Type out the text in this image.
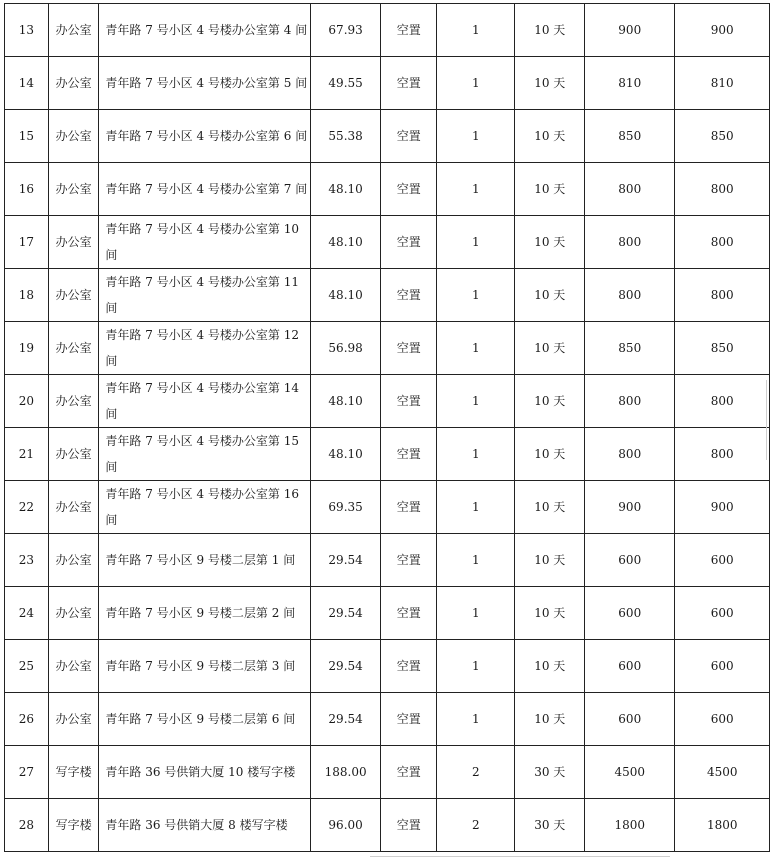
13	办公室	青年路 7 号小区 4 号楼办公室第 4 间	67.93	空置	1	10 天	900	900
14	办公室	青年路 7 号小区 4 号楼办公室第 5 间	49.55	空置	1	10 天	810	810
15	办公室	青年路 7 号小区 4 号楼办公室第 6 间	55.38	空置	1	10 天	850	850
16	办公室	青年路 7 号小区 4 号楼办公室第 7 间	48.10	空置	1	10 天	800	800
17	办公室	青年路 7 号小区 4 号楼办公室第 10 间	48.10	空置	1	10 天	800	800
18	办公室	青年路 7 号小区 4 号楼办公室第 11 间	48.10	空置	1	10 天	800	800
19	办公室	青年路 7 号小区 4 号楼办公室第 12 间	56.98	空置	1	10 天	850	850
20	办公室	青年路 7 号小区 4 号楼办公室第 14 间	48.10	空置	1	10 天	800	800
21	办公室	青年路 7 号小区 4 号楼办公室第 15 间	48.10	空置	1	10 天	800	800
22	办公室	青年路 7 号小区 4 号楼办公室第 16 间	69.35	空置	1	10 天	900	900
23	办公室	青年路 7 号小区 9 号楼二层第 1 间	29.54	空置	1	10 天	600	600
24	办公室	青年路 7 号小区 9 号楼二层第 2 间	29.54	空置	1	10 天	600	600
25	办公室	青年路 7 号小区 9 号楼二层第 3 间	29.54	空置	1	10 天	600	600
26	办公室	青年路 7 号小区 9 号楼二层第 6 间	29.54	空置	1	10 天	600	600
27	写字楼	青年路 36 号供销大厦 10 楼写字楼	188.00	空置	2	30 天	4500	4500
28	写字楼	青年路 36 号供销大厦 8 楼写字楼	96.00	空置	2	30 天	1800	1800
